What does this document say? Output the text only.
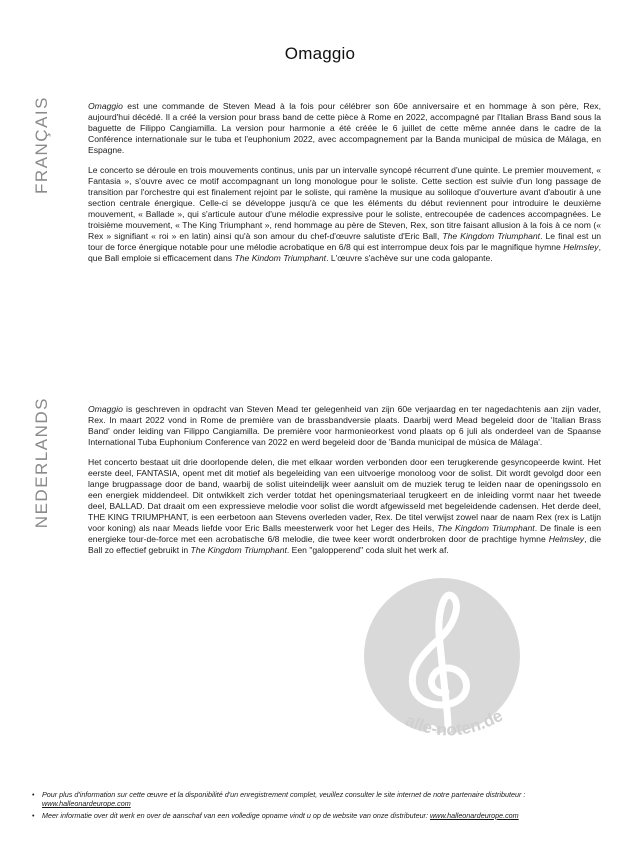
Omaggio
FRANÇAIS	Omaggio est une commande de Steven Mead à la fois pour célébrer son 60e anniversaire et en hommage à son père, Rex, aujourd'hui décédé. Il a créé la version pour brass band de cette pièce à Rome en 2022, accompagné par l'Italian Brass Band sous la baguette de Filippo Cangiamilla. La version pour harmonie a été créée le 6 juillet de cette même année dans le cadre de la Conférence internationale sur le tuba et l'euphonium 2022, avec accompagnement par la Banda municipal de música de Málaga, en Espagne.

Le concerto se déroule en trois mouvements continus, unis par un intervalle syncopé récurrent d'une quinte. Le premier mouvement, « Fantasia », s'ouvre avec ce motif accompagnant un long monologue pour le soliste. Cette section est suivie d'un long passage de transition par l'orchestre qui est finalement rejoint par le soliste, qui ramène la musique au soliloque d'ouverture avant d'aboutir à une section centrale énergique. Celle-ci se développe jusqu'à ce que les éléments du début reviennent pour introduire le deuxième mouvement, « Ballade », qui s'articule autour d'une mélodie expressive pour le soliste, entrecoupée de cadences accompagnées. Le troisième mouvement, « The King Triumphant », rend hommage au père de Steven, Rex, son titre faisant allusion à la fois à ce nom (« Rex » signifiant « roi » en latin) ainsi qu'à son amour du chef-d'œuvre salutiste d'Eric Ball, The Kingdom Triumphant. Le final est un tour de force énergique notable pour une mélodie acrobatique en 6/8 qui est interrompue deux fois par le magnifique hymne Helmsley, que Ball emploie si efficacement dans The Kindom Triumphant. L'œuvre s'achève sur une coda galopante.

NEDERLANDS	Omaggio is geschreven in opdracht van Steven Mead ter gelegenheid van zijn 60e verjaardag en ter nagedachtenis aan zijn vader, Rex. In maart 2022 vond in Rome de première van de brassbandversie plaats. Daarbij werd Mead begeleid door de 'Italian Brass Band' onder leiding van Filippo Cangiamilla. De première voor harmonieorkest vond plaats op 6 juli als onderdeel van de Spaanse International Tuba Euphonium Conference van 2022 en werd begeleid door de 'Banda municipal de música de Málaga'.

Het concerto bestaat uit drie doorlopende delen, die met elkaar worden verbonden door een terugkerende gesyncopeerde kwint. Het eerste deel, FANTASIA, opent met dit motief als begeleiding van een uitvoerige monoloog voor de solist. Dit wordt gevolgd door een lange brugpassage door de band, waarbij de solist uiteindelijk weer aansluit om de muziek terug te leiden naar de openingssolo en een energiek middendeel. Dit ontwikkelt zich verder totdat het openingsmateriaal terugkeert en de inleiding vormt naar het tweede deel, BALLAD. Dat draait om een expressieve melodie voor solist die wordt afgewisseld met begeleidende cadensen. Het derde deel, THE KING TRIUMPHANT, is een eerbetoon aan Stevens overleden vader, Rex. De titel verwijst zowel naar de naam Rex (rex is Latijn voor koning) als naar Meads liefde voor Eric Balls meesterwerk voor het Leger des Heils, The Kingdom Triumphant. De finale is een energieke tour-de-force met een acrobatische 6/8 melodie, die twee keer wordt onderbroken door de prachtige hymne Helmsley, die Ball zo effectief gebruikt in The Kingdom Triumphant. Een "galopperend" coda sluit het werk af.

alle-noten.de
•	Pour plus d'information sur cette œuvre et la disponibilité d'un enregistrement complet, veuillez consulter le site internet de notre partenaire distributeur :
www.halleonardeurope.com
•	Meer informatie over dit werk en over de aanschaf van een volledige opname vindt u op de website van onze distributeur: www.halleonardeurope.com
